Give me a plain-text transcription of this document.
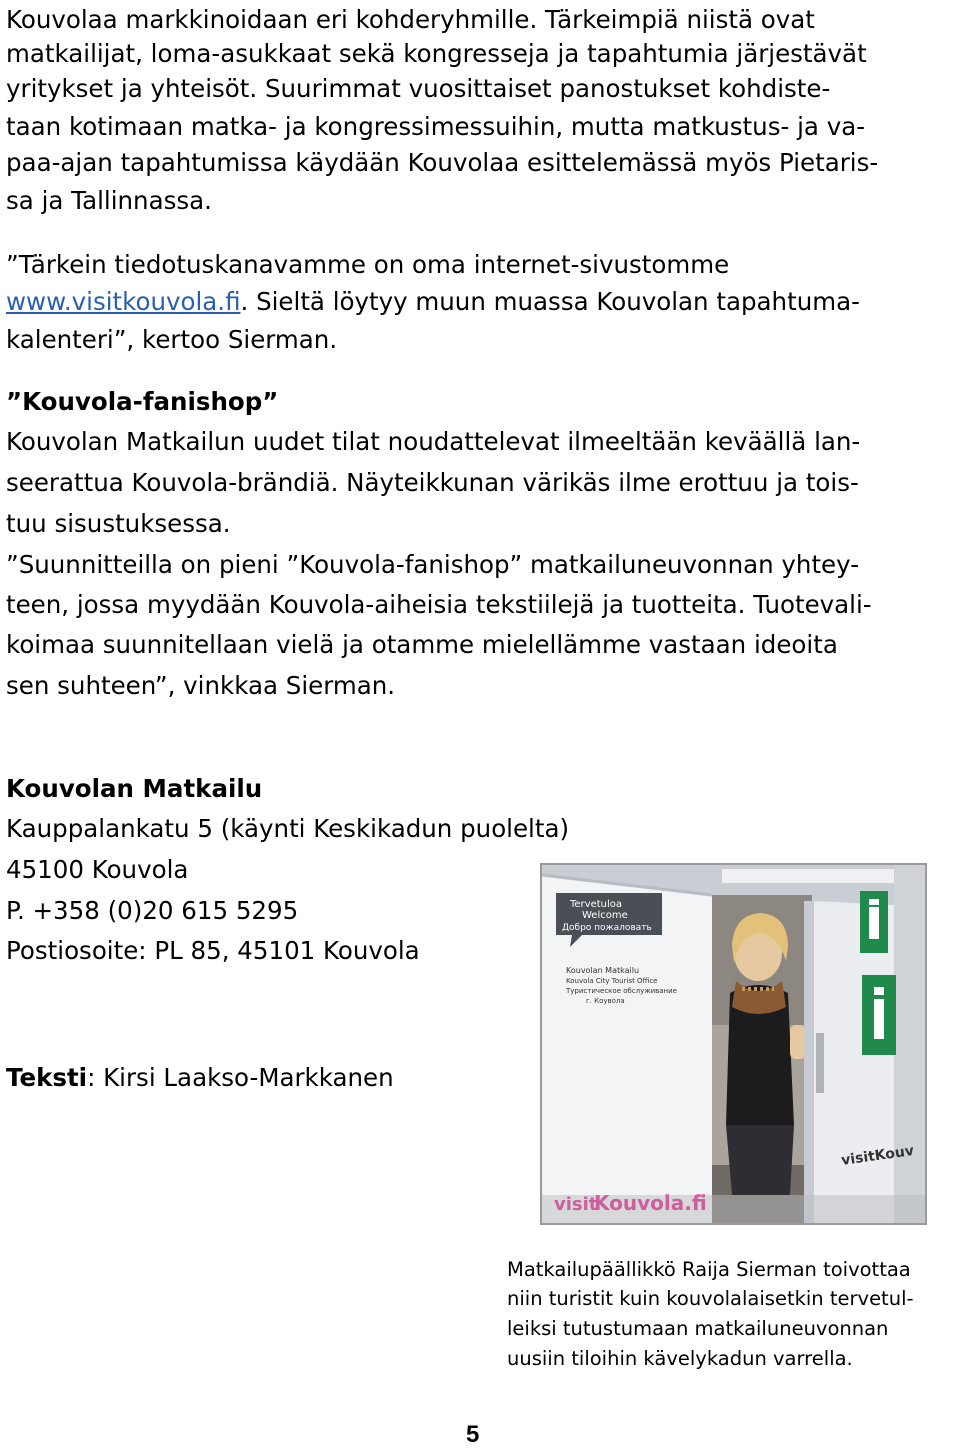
Kouvolaa markkinoidaan eri kohderyhmille. Tärkeimpiä niistä ovat
matkailijat, loma-asukkaat sekä kongresseja ja tapahtumia järjestävät
yritykset ja yhteisöt. Suurimmat vuosittaiset panostukset kohdiste-
taan kotimaan matka- ja kongressimessuihin, mutta matkustus- ja va-
paa-ajan tapahtumissa käydään Kouvolaa esittelemässä myös Pietaris-
sa ja Tallinnassa.
”Tärkein tiedotuskanavamme on oma internet-sivustomme
www.visitkouvola.fi. Sieltä löytyy muun muassa Kouvolan tapahtuma-
kalenteri”, kertoo Sierman.
”Kouvola-fanishop”
Kouvolan Matkailun uudet tilat noudattelevat ilmeeltään keväällä lan-
seerattua Kouvola-brändiä. Näyteikkunan värikäs ilme erottuu ja tois-
tuu sisustuksessa.
”Suunnitteilla on pieni ”Kouvola-fanishop” matkailuneuvonnan yhtey-
teen, jossa myydään Kouvola-aiheisia tekstiilejä ja tuotteita. Tuotevali-
koimaa suunnitellaan vielä ja otamme mielellämme vastaan ideoita
sen suhteen”, vinkkaa Sierman.
Kouvolan Matkailu
Kauppalankatu 5 (käynti Keskikadun puolelta)
45100 Kouvola
P. +358 (0)20 615 5295
Postiosoite: PL 85, 45101 Kouvola
Teksti: Kirsi Laakso-Markkanen
Tervetuloa
Welcome
Добро пожаловать
Kouvolan Matkailu
Kouvola City Tourist Office
Туристическое обслуживание
г. Коувола
visitKouv
Matkailupäällikkö Raija Sierman toivottaa
niin turistit kuin kouvolalaisetkin tervetul-
leiksi tutustumaan matkailuneuvonnan
uusiin tiloihin kävelykadun varrella.
5
